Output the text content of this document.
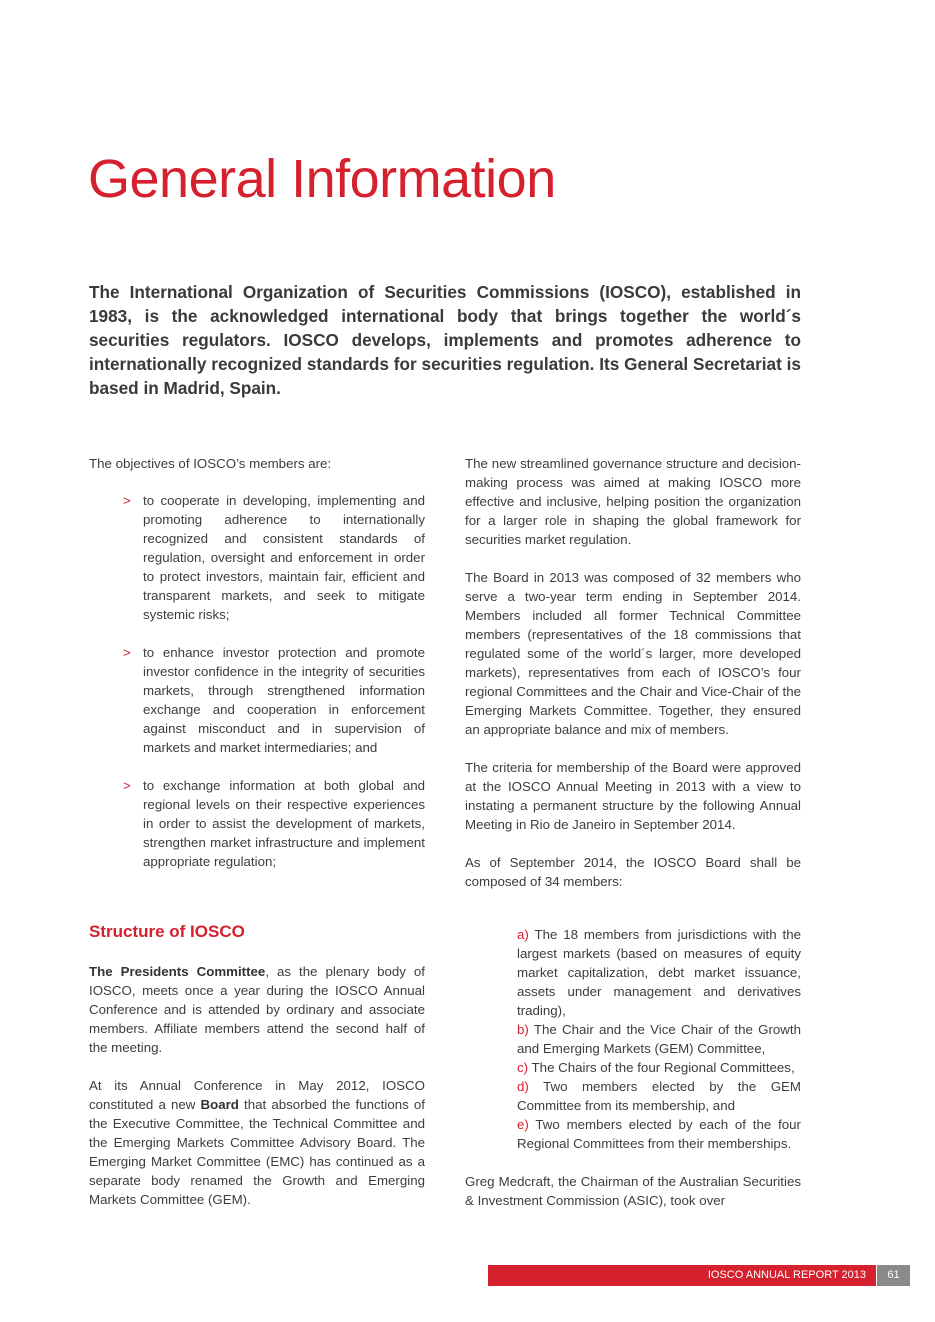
General Information

The International Organization of Securities Commissions (IOSCO), established in 1983, is the acknowledged international body that brings together the world´s securities regulators. IOSCO develops, implements and promotes adherence to internationally recognized standards for securities regulation. Its General Secretariat is based in Madrid, Spain.

The objectives of IOSCO’s members are:

> to cooperate in developing, implementing and promoting adherence to internationally recognized and consistent standards of regulation, oversight and enforcement in order to protect investors, maintain fair, efficient and transparent markets, and seek to mitigate systemic risks;
> to enhance investor protection and promote investor confidence in the integrity of securities markets, through strengthened information exchange and cooperation in enforcement against misconduct and in supervision of markets and market intermediaries; and
> to exchange information at both global and regional levels on their respective experiences in order to assist the development of markets, strengthen market infrastructure and implement appropriate regulation;

The new streamlined governance structure and decision-making process was aimed at making IOSCO more effective and inclusive, helping position the organization for a larger role in shaping the global framework for securities market regulation.

The Board in 2013 was composed of 32 members who serve a two-year term ending in September 2014. Members included all former Technical Committee members (representatives of the 18 commissions that regulated some of the world´s larger, more developed markets), representatives from each of IOSCO’s four regional Committees and the Chair and Vice-Chair of the Emerging Markets Committee. Together, they ensured an appropriate balance and mix of members.

The criteria for membership of the Board were approved at the IOSCO Annual Meeting in 2013 with a view to instating a permanent structure by the following Annual Meeting in Rio de Janeiro in September 2014.

As of September 2014, the IOSCO Board shall be composed of 34 members:

Structure of IOSCO

The Presidents Committee, as the plenary body of IOSCO, meets once a year during the IOSCO Annual Conference and is attended by ordinary and associate members. Affiliate members attend the second half of the meeting.

At its Annual Conference in May 2012, IOSCO constituted a new Board that absorbed the functions of the Executive Committee, the Technical Committee and the Emerging Markets Committee Advisory Board. The Emerging Market Committee (EMC) has continued as a separate body renamed the Growth and Emerging Markets Committee (GEM).

a) The 18 members from jurisdictions with the largest markets (based on measures of equity market capitalization, debt market issuance, assets under management and derivatives trading),
b) The Chair and the Vice Chair of the Growth and Emerging Markets (GEM) Committee,
c) The Chairs of the four Regional Committees,
d) Two members elected by the GEM Committee from its membership, and
e) Two members elected by each of the four Regional Committees from their memberships.

Greg Medcraft, the Chairman of the Australian Securities & Investment Commission (ASIC), took over

IOSCO ANNUAL REPORT 2013	61
